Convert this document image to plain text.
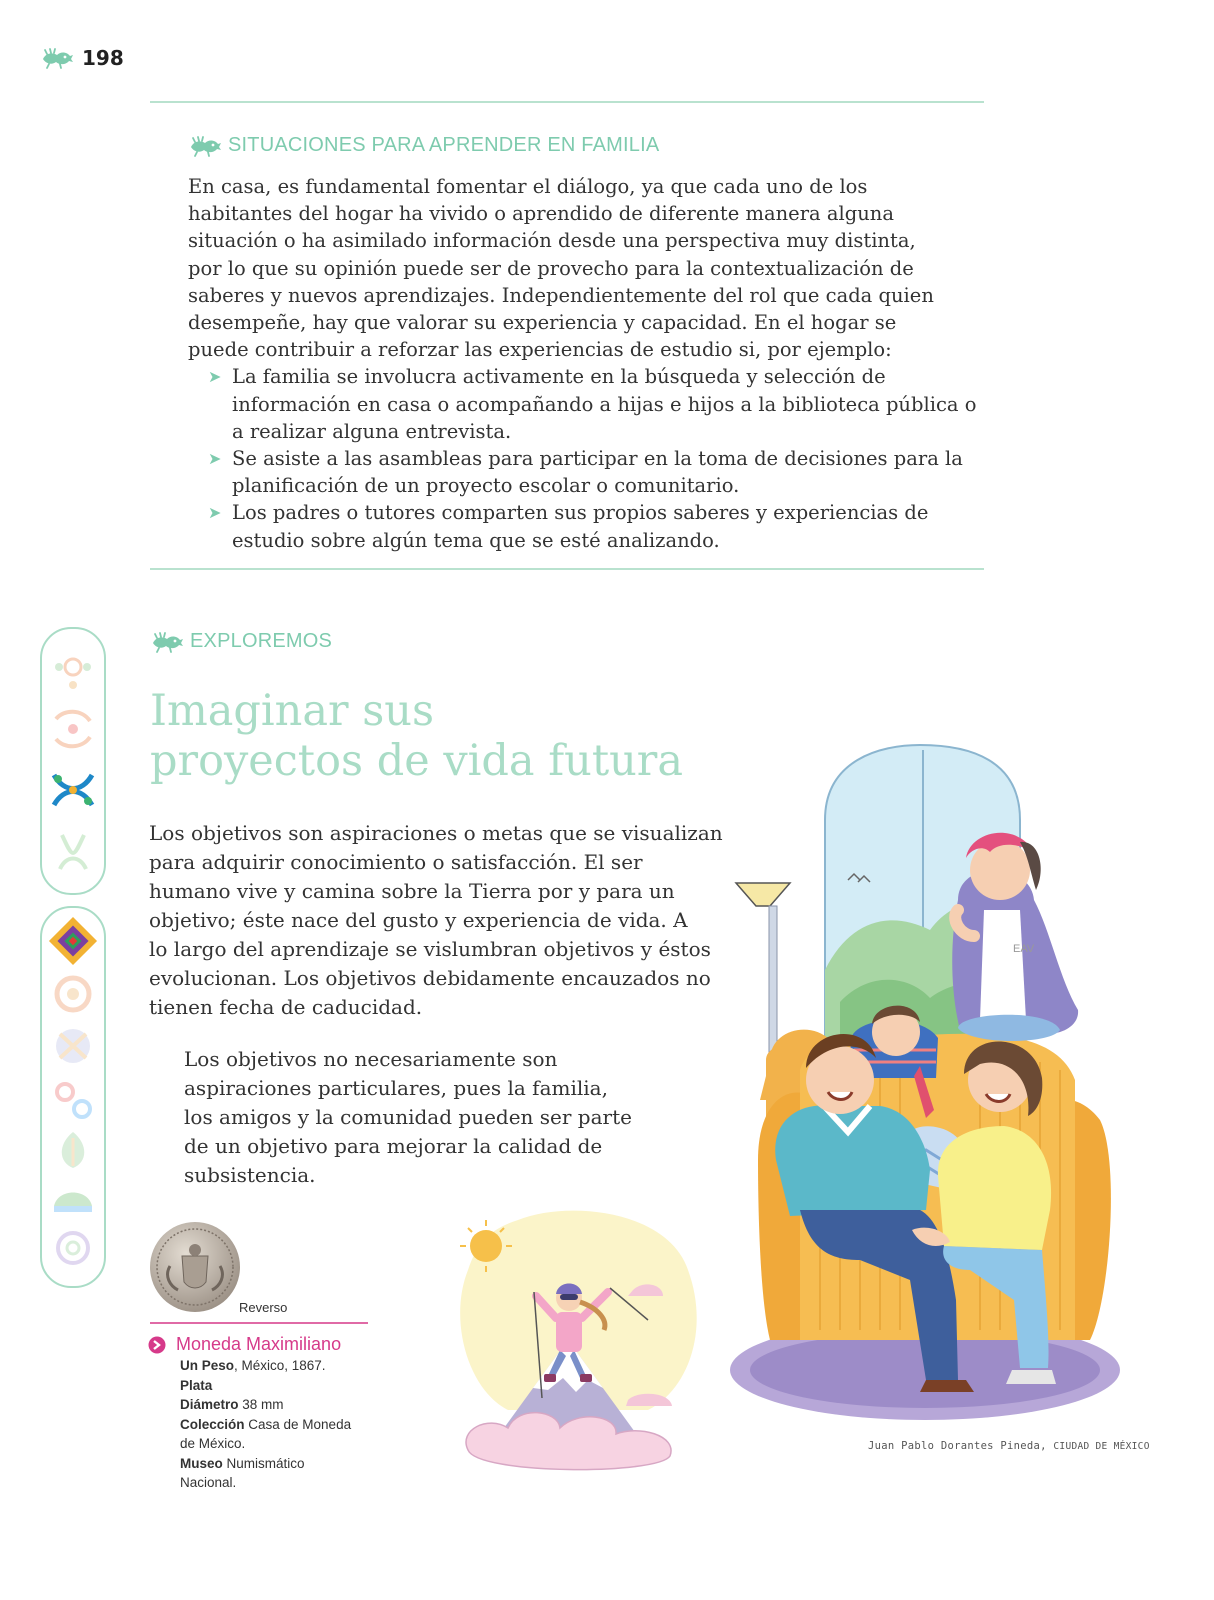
198
SITUACIONES PARA APRENDER EN FAMILIA
En casa, es fundamental fomentar el diálogo, ya que cada uno de los
habitantes del hogar ha vivido o aprendido de diferente manera alguna
situación o ha asimilado información desde una perspectiva muy distinta,
por lo que su opinión puede ser de provecho para la contextualización de
saberes y nuevos aprendizajes. Independientemente del rol que cada quien
desempeñe, hay que valorar su experiencia y capacidad. En el hogar se
puede contribuir a reforzar las experiencias de estudio si, por ejemplo:
➤ La familia se involucra activamente en la búsqueda y selección de
información en casa o acompañando a hijas e hijos a la biblioteca pública o
a realizar alguna entrevista.
➤ Se asiste a las asambleas para participar en la toma de decisiones para la
planificación de un proyecto escolar o comunitario.
➤ Los padres o tutores comparten sus propios saberes y experiencias de
estudio sobre algún tema que se esté analizando.
EXPLOREMOS
Imaginar sus
proyectos de vida futura
Los objetivos son aspiraciones o metas que se visualizan
para adquirir conocimiento o satisfacción. El ser
humano vive y camina sobre la Tierra por y para un
objetivo; éste nace del gusto y experiencia de vida. A
lo largo del aprendizaje se vislumbran objetivos y éstos
evolucionan. Los objetivos debidamente encauzados no
tienen fecha de caducidad.
Los objetivos no necesariamente son
aspiraciones particulares, pues la familia,
los amigos y la comunidad pueden ser parte
de un objetivo para mejorar la calidad de
subsistencia.
Reverso
Moneda Maximiliano
Un Peso, México, 1867.
Plata
Diámetro 38 mm
Colección Casa de Moneda
de México.
Museo Numismático
Nacional.
EAV
Juan Pablo Dorantes Pineda, CIUDAD DE MÉXICO
